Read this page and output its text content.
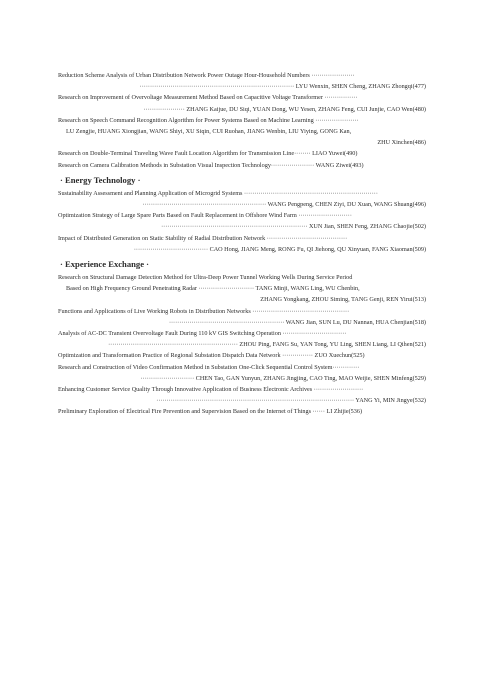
Reduction Scheme Analysis of Urban Distribution Network Power Outage Hour-Household Numbers ·····················
··········································································· LYU Wenxin, SHEN Cheng, ZHANG Zhongqi(477)
Research on Improvement of Overvoltage Measurement Method Based on Capacitive Voltage Transformer ················
···················· ZHANG Kaijue, DU Siqi, YUAN Dong, WU Yesen, ZHANG Feng, CUI Junjie, CAO Wen(480)
Research on Speech Command Recognition Algorithm for Power Systems Based on Machine Learning ·····················
LU Zengjie, HUANG Xiongjian, WANG Shiyi, XU Siqin, CUI Ruohan, JIANG Wenbin, LIU Yiying, GONG Kan,
ZHU Xinchen(486)
Research on Double-Terminal Traveling Wave Fault Location Algorithm for Transmission Line········ LIAO Yuwei(490)
Research on Camera Calibration Methods in Substation Visual Inspection Technology····················· WANG Ziwei(493)
· Energy Technology ·
Sustainability Assessment and Planning Application of Microgrid Systems ·································································
···························································· WANG Pengpeng, CHEN Ziyi, DU Xuan, WANG Shuang(496)
Optimization Strategy of Large Spare Parts Based on Fault Replacement in Offshore Wind Farm ··························
······································································· XUN Jian, SHEN Feng, ZHANG Chaojie(502)
Impact of Distributed Generation on Static Stability of Radial Distribution Network ·······································
···································· CAO Hong, JIANG Meng, RONG Fu, QI Jiehong, QU Xinyuan, FANG Xiaoman(509)
· Experience Exchange ·
Research on Structural Damage Detection Method for Ultra-Deep Power Tunnel Working Wells During Service Period
Based on High Frequency Ground Penetrating Radar ··························· TANG Minji, WANG Ling, WU Chenbin,
ZHANG Yongkang, ZHOU Siming, TANG Genji, REN Yirui(513)
Functions and Applications of Live Working Robots in Distribution Networks ···············································
························································ WANG Jian, SUN Lu, DU Nannan, HUA Chenjian(518)
Analysis of AC-DC Transient Overvoltage Fault During 110 kV GIS Switching Operation ·······························
······························································· ZHOU Ping, FANG Su, YAN Tong, YU Ling, SHEN Liang, LI Qihen(521)
Optimization and Transformation Practice of Regional Substation Dispatch Data Network ··············· ZUO Xuechun(525)
Research and Construction of Video Confirmation Method in Substation One-Click Sequential Control System·············
·························· CHEN Tao, GAN Yunyun, ZHANG Jingjing, CAO Ting, MAO Weijie, SHEN Minfeng(529)
Enhancing Customer Service Quality Through Innovative Application of Business Electronic Archives ························
································································································ YANG Yi, MIN Jingye(532)
Preliminary Exploration of Electrical Fire Prevention and Supervision Based on the Internet of Things ······ LI Zhijie(536)
